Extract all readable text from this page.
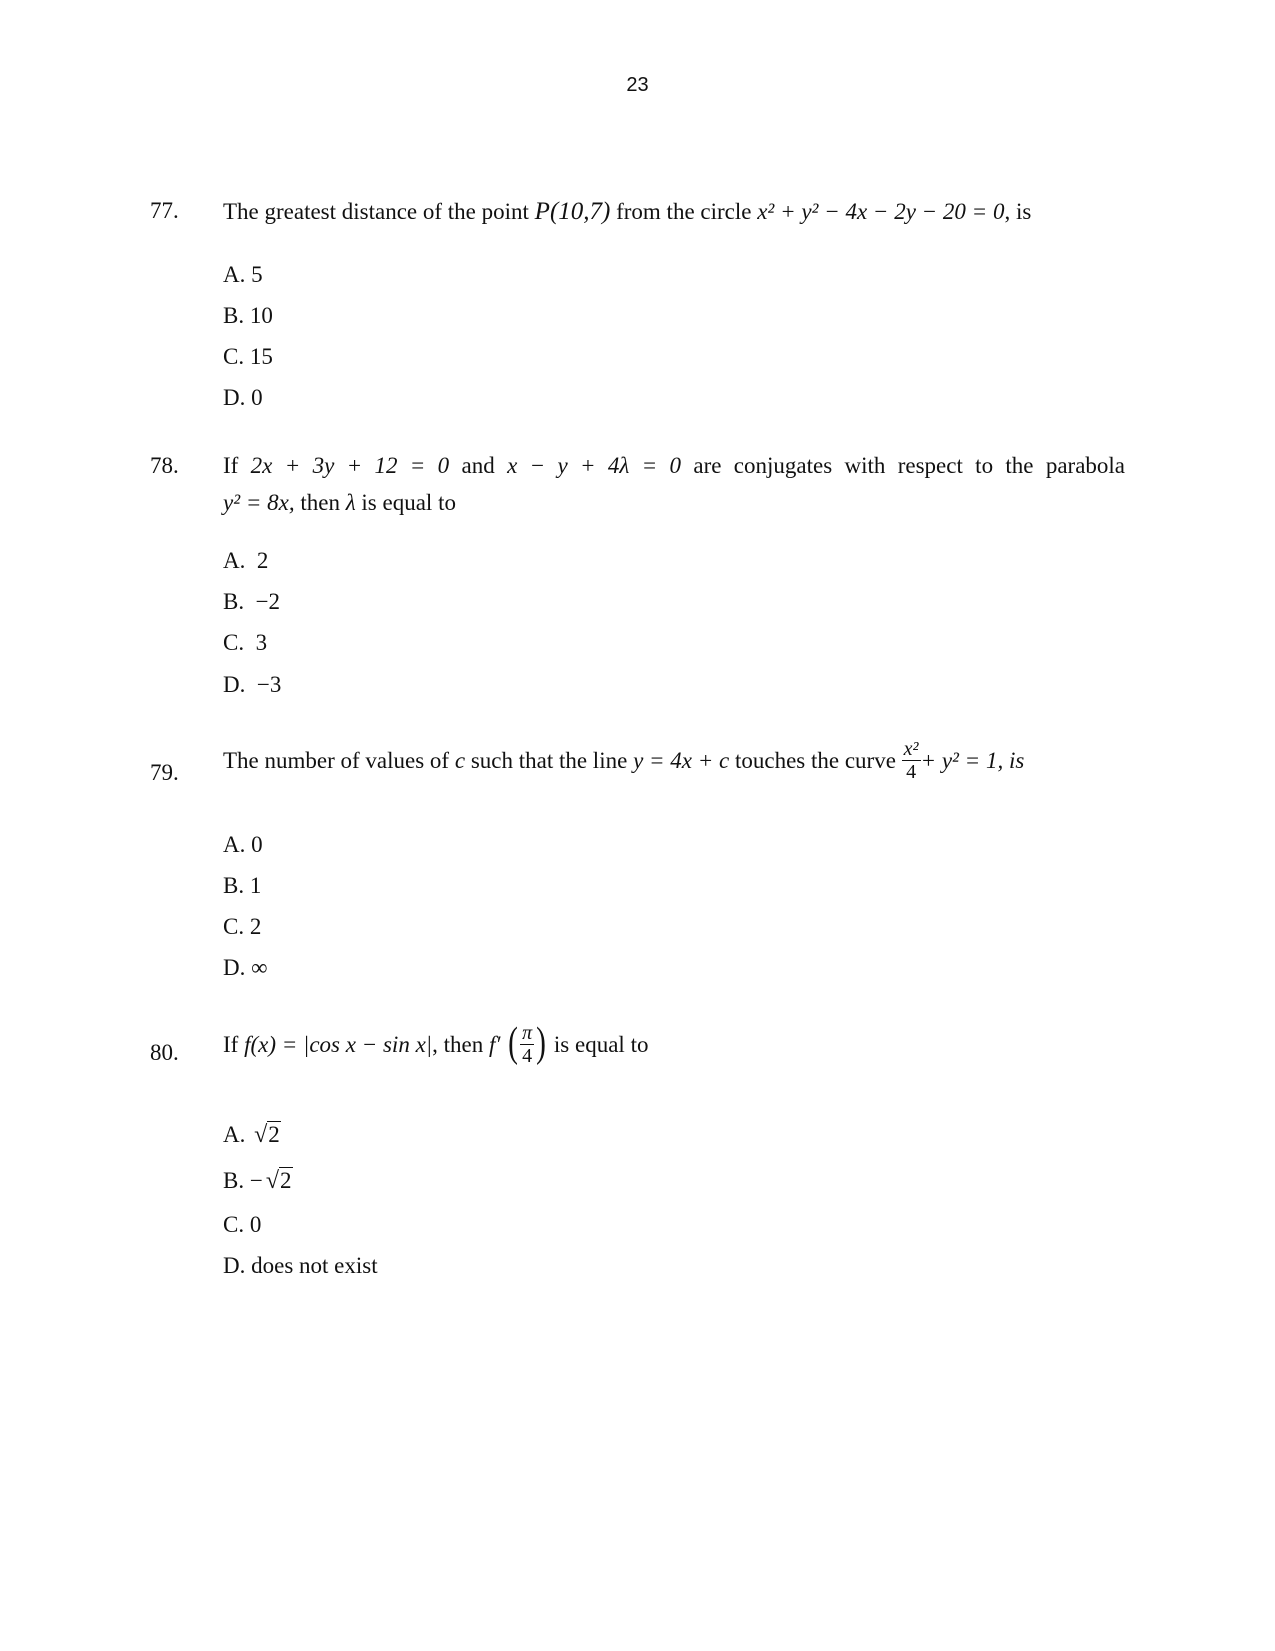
23
77. The greatest distance of the point P(10,7) from the circle x² + y² − 4x − 2y − 20 = 0, is
A. 5
B. 10
C. 15
D. 0
78. If 2x + 3y + 12 = 0 and x − y + 4λ = 0 are conjugates with respect to the parabola
y² = 8x, then λ is equal to
A.  2
B.  −2
C.  3
D.  −3
79. The number of values of c such that the line y = 4x + c touches the curve $\frac{\text{x²}}{4} + y^2 = 1$, is
A. 0
B. 1
C. 2
D. ∞
80. If f(x) = |cos x − sin x|, then f′ ( $\frac{\pi}{4}$ ) is equal to
A. √2
B. − √2
C. 0
D. does not exist
